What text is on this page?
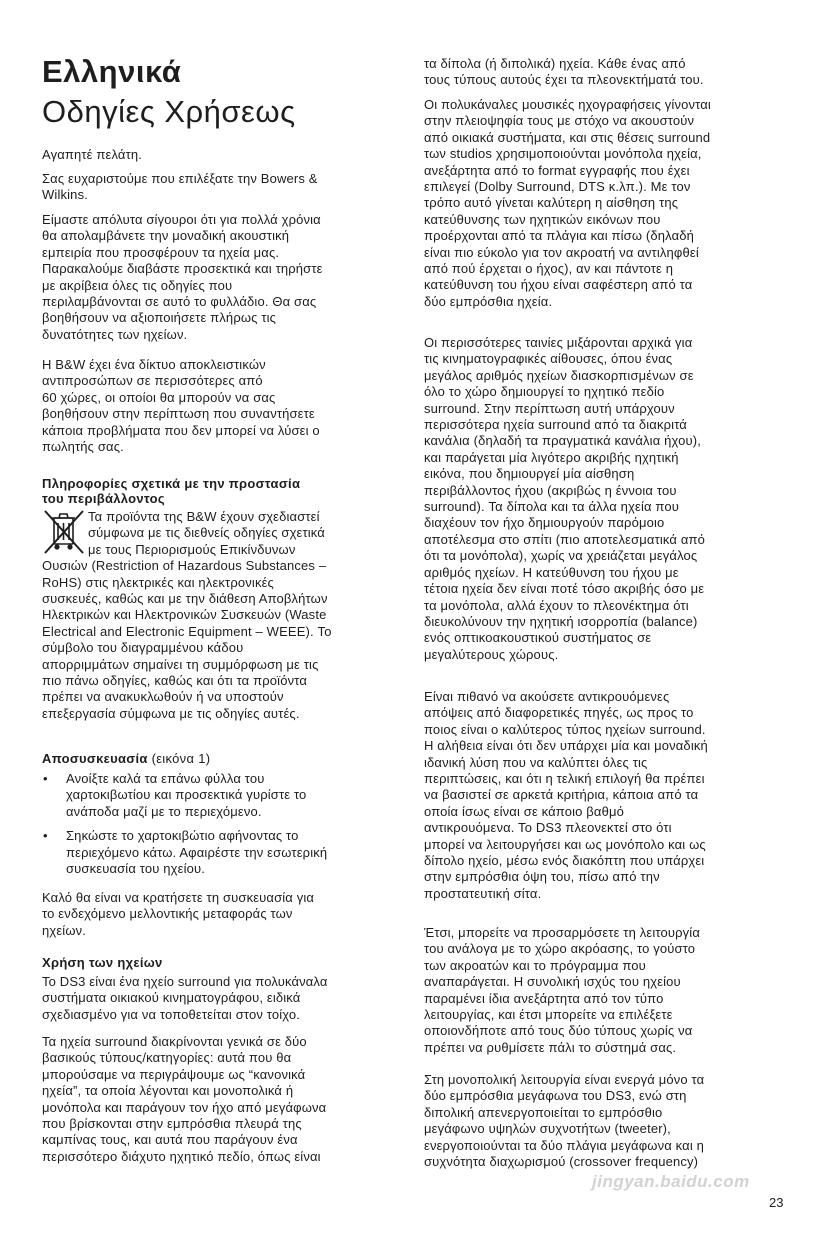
Ελληνικά
Οδηγίες Χρήσεως

Αγαπητέ πελάτη.

Σας ευχαριστούμε που επιλέξατε την Bowers &

Wilkins.

Είμαστε απόλυτα σίγουροι ότι για πολλά χρόνια

θα απολαμβάνετε την μοναδική ακουστική

εμπειρία που προσφέρουν τα ηχεία μας.

Παρακαλούμε διαβάστε προσεκτικά και τηρήστε

με ακρίβεια όλες τις οδηγίες που

περιλαμβάνονται σε αυτό το φυλλάδιο. Θα σας

βοηθήσουν να αξιοποιήσετε πλήρως τις

δυνατότητες των ηχείων.

Η B&W έχει ένα δίκτυο αποκλειστικών

αντιπροσώπων σε περισσότερες από

60 χώρες, οι οποίοι θα μπορούν να σας

βοηθήσουν στην περίπτωση που συναντήσετε

κάποια προβλήματα που δεν μπορεί να λύσει ο

πωλητής σας.

Πληροφορίες σχετικά με την προστασία

του περιβάλλοντος

Τα προϊόντα της B&W έχουν σχεδιαστεί

σύμφωνα με τις διεθνείς οδηγίες σχετικά

με τους Περιορισμούς Επικίνδυνων

Ουσιών (Restriction of Hazardous Substances –

RoHS) στις ηλεκτρικές και ηλεκτρονικές

συσκευές, καθώς και με την διάθεση Αποβλήτων

Ηλεκτρικών και Ηλεκτρονικών Συσκευών (Waste

Electrical and Electronic Equipment – WEEE). Το

σύμβολο του διαγραμμένου κάδου

απορριμμάτων σημαίνει τη συμμόρφωση με τις

πιο πάνω οδηγίες, καθώς και ότι τα προϊόντα

πρέπει να ανακυκλωθούν ή να υποστούν

επεξεργασία σύμφωνα με τις οδηγίες αυτές.

Αποσυσκευασία (εικόνα 1)

• Ανοίξτε καλά τα επάνω φύλλα του
χαρτοκιβωτίου και προσεκτικά γυρίστε το
ανάποδα μαζί με το περιεχόμενο.
• Σηκώστε το χαρτοκιβώτιο αφήνοντας το
περιεχόμενο κάτω. Αφαιρέστε την εσωτερική
συσκευασία του ηχείου.

Καλό θα είναι να κρατήσετε τη συσκευασία για

το ενδεχόμενο μελλοντικής μεταφοράς των

ηχείων.

Χρήση των ηχείων

Το DS3 είναι ένα ηχείο surround για πολυκάναλα

συστήματα οικιακού κινηματογράφου, ειδικά

σχεδιασμένο για να τοποθετείται στον τοίχο.

Τα ηχεία surround διακρίνονται γενικά σε δύο

βασικούς τύπους/κατηγορίες: αυτά που θα

μπορούσαμε να περιγράψουμε ως “κανονικά

ηχεία”, τα οποία λέγονται και μονοπολικά ή

μονόπολα και παράγουν τον ήχο από μεγάφωνα

που βρίσκονται στην εμπρόσθια πλευρά της

καμπίνας τους, και αυτά που παράγουν ένα

περισσότερο διάχυτο ηχητικό πεδίο, όπως είναι

τα δίπολα (ή διπολικά) ηχεία. Κάθε ένας από

τους τύπους αυτούς έχει τα πλεονεκτήματά του.

Οι πολυκάναλες μουσικές ηχογραφήσεις γίνονται

στην πλειοψηφία τους με στόχο να ακουστούν

από οικιακά συστήματα, και στις θέσεις surround

των studios χρησιμοποιούνται μονόπολα ηχεία,

ανεξάρτητα από το format εγγραφής που έχει

επιλεγεί (Dolby Surround, DTS κ.λπ.). Με τον

τρόπο αυτό γίνεται καλύτερη η αίσθηση της

κατεύθυνσης των ηχητικών εικόνων που

προέρχονται από τα πλάγια και πίσω (δηλαδή

είναι πιο εύκολο για τον ακροατή να αντιληφθεί

από πού έρχεται ο ήχος), αν και πάντοτε η

κατεύθυνση του ήχου είναι σαφέστερη από τα

δύο εμπρόσθια ηχεία.

Οι περισσότερες ταινίες μιξάρονται αρχικά για

τις κινηματογραφικές αίθουσες, όπου ένας

μεγάλος αριθμός ηχείων διασκορπισμένων σε

όλο το χώρο δημιουργεί το ηχητικό πεδίο

surround. Στην περίπτωση αυτή υπάρχουν

περισσότερα ηχεία surround από τα διακριτά

κανάλια (δηλαδή τα πραγματικά κανάλια ήχου),

και παράγεται μία λιγότερο ακριβής ηχητική

εικόνα, που δημιουργεί μία αίσθηση

περιβάλλοντος ήχου (ακριβώς η έννοια του

surround). Τα δίπολα και τα άλλα ηχεία που

διαχέουν τον ήχο δημιουργούν παρόμοιο

αποτέλεσμα στο σπίτι (πιο αποτελεσματικά από

ότι τα μονόπολα), χωρίς να χρειάζεται μεγάλος

αριθμός ηχείων. Η κατεύθυνση του ήχου με

τέτοια ηχεία δεν είναι ποτέ τόσο ακριβής όσο με

τα μονόπολα, αλλά έχουν το πλεονέκτημα ότι

διευκολύνουν την ηχητική ισορροπία (balance)

ενός οπτικοακουστικού συστήματος σε

μεγαλύτερους χώρους.

Είναι πιθανό να ακούσετε αντικρουόμενες

απόψεις από διαφορετικές πηγές, ως προς το

ποιος είναι ο καλύτερος τύπος ηχείων surround.

Η αλήθεια είναι ότι δεν υπάρχει μία και μοναδική

ιδανική λύση που να καλύπτει όλες τις

περιπτώσεις, και ότι η τελική επιλογή θα πρέπει

να βασιστεί σε αρκετά κριτήρια, κάποια από τα

οποία ίσως είναι σε κάποιο βαθμό

αντικρουόμενα. Το DS3 πλεονεκτεί στο ότι

μπορεί να λειτουργήσει και ως μονόπολο και ως

δίπολο ηχείο, μέσω ενός διακόπτη που υπάρχει

στην εμπρόσθια όψη του, πίσω από την

προστατευτική σίτα.

Έτσι, μπορείτε να προσαρμόσετε τη λειτουργία

του ανάλογα με το χώρο ακρόασης, το γούστο

των ακροατών και το πρόγραμμα που

αναπαράγεται. Η συνολική ισχύς του ηχείου

παραμένει ίδια ανεξάρτητα από τον τύπο

λειτουργίας, και έτσι μπορείτε να επιλέξετε

οποιονδήποτε από τους δύο τύπους χωρίς να

πρέπει να ρυθμίσετε πάλι το σύστημά σας.

Στη μονοπολική λειτουργία είναι ενεργά μόνο τα

δύο εμπρόσθια μεγάφωνα του DS3, ενώ στη

διπολική απενεργοποιείται το εμπρόσθιο

μεγάφωνο υψηλών συχνοτήτων (tweeter),

ενεργοποιούνται τα δύο πλάγια μεγάφωνα και η

συχνότητα διαχωρισμού (crossover frequency)

jingyan.baidu.com
23
